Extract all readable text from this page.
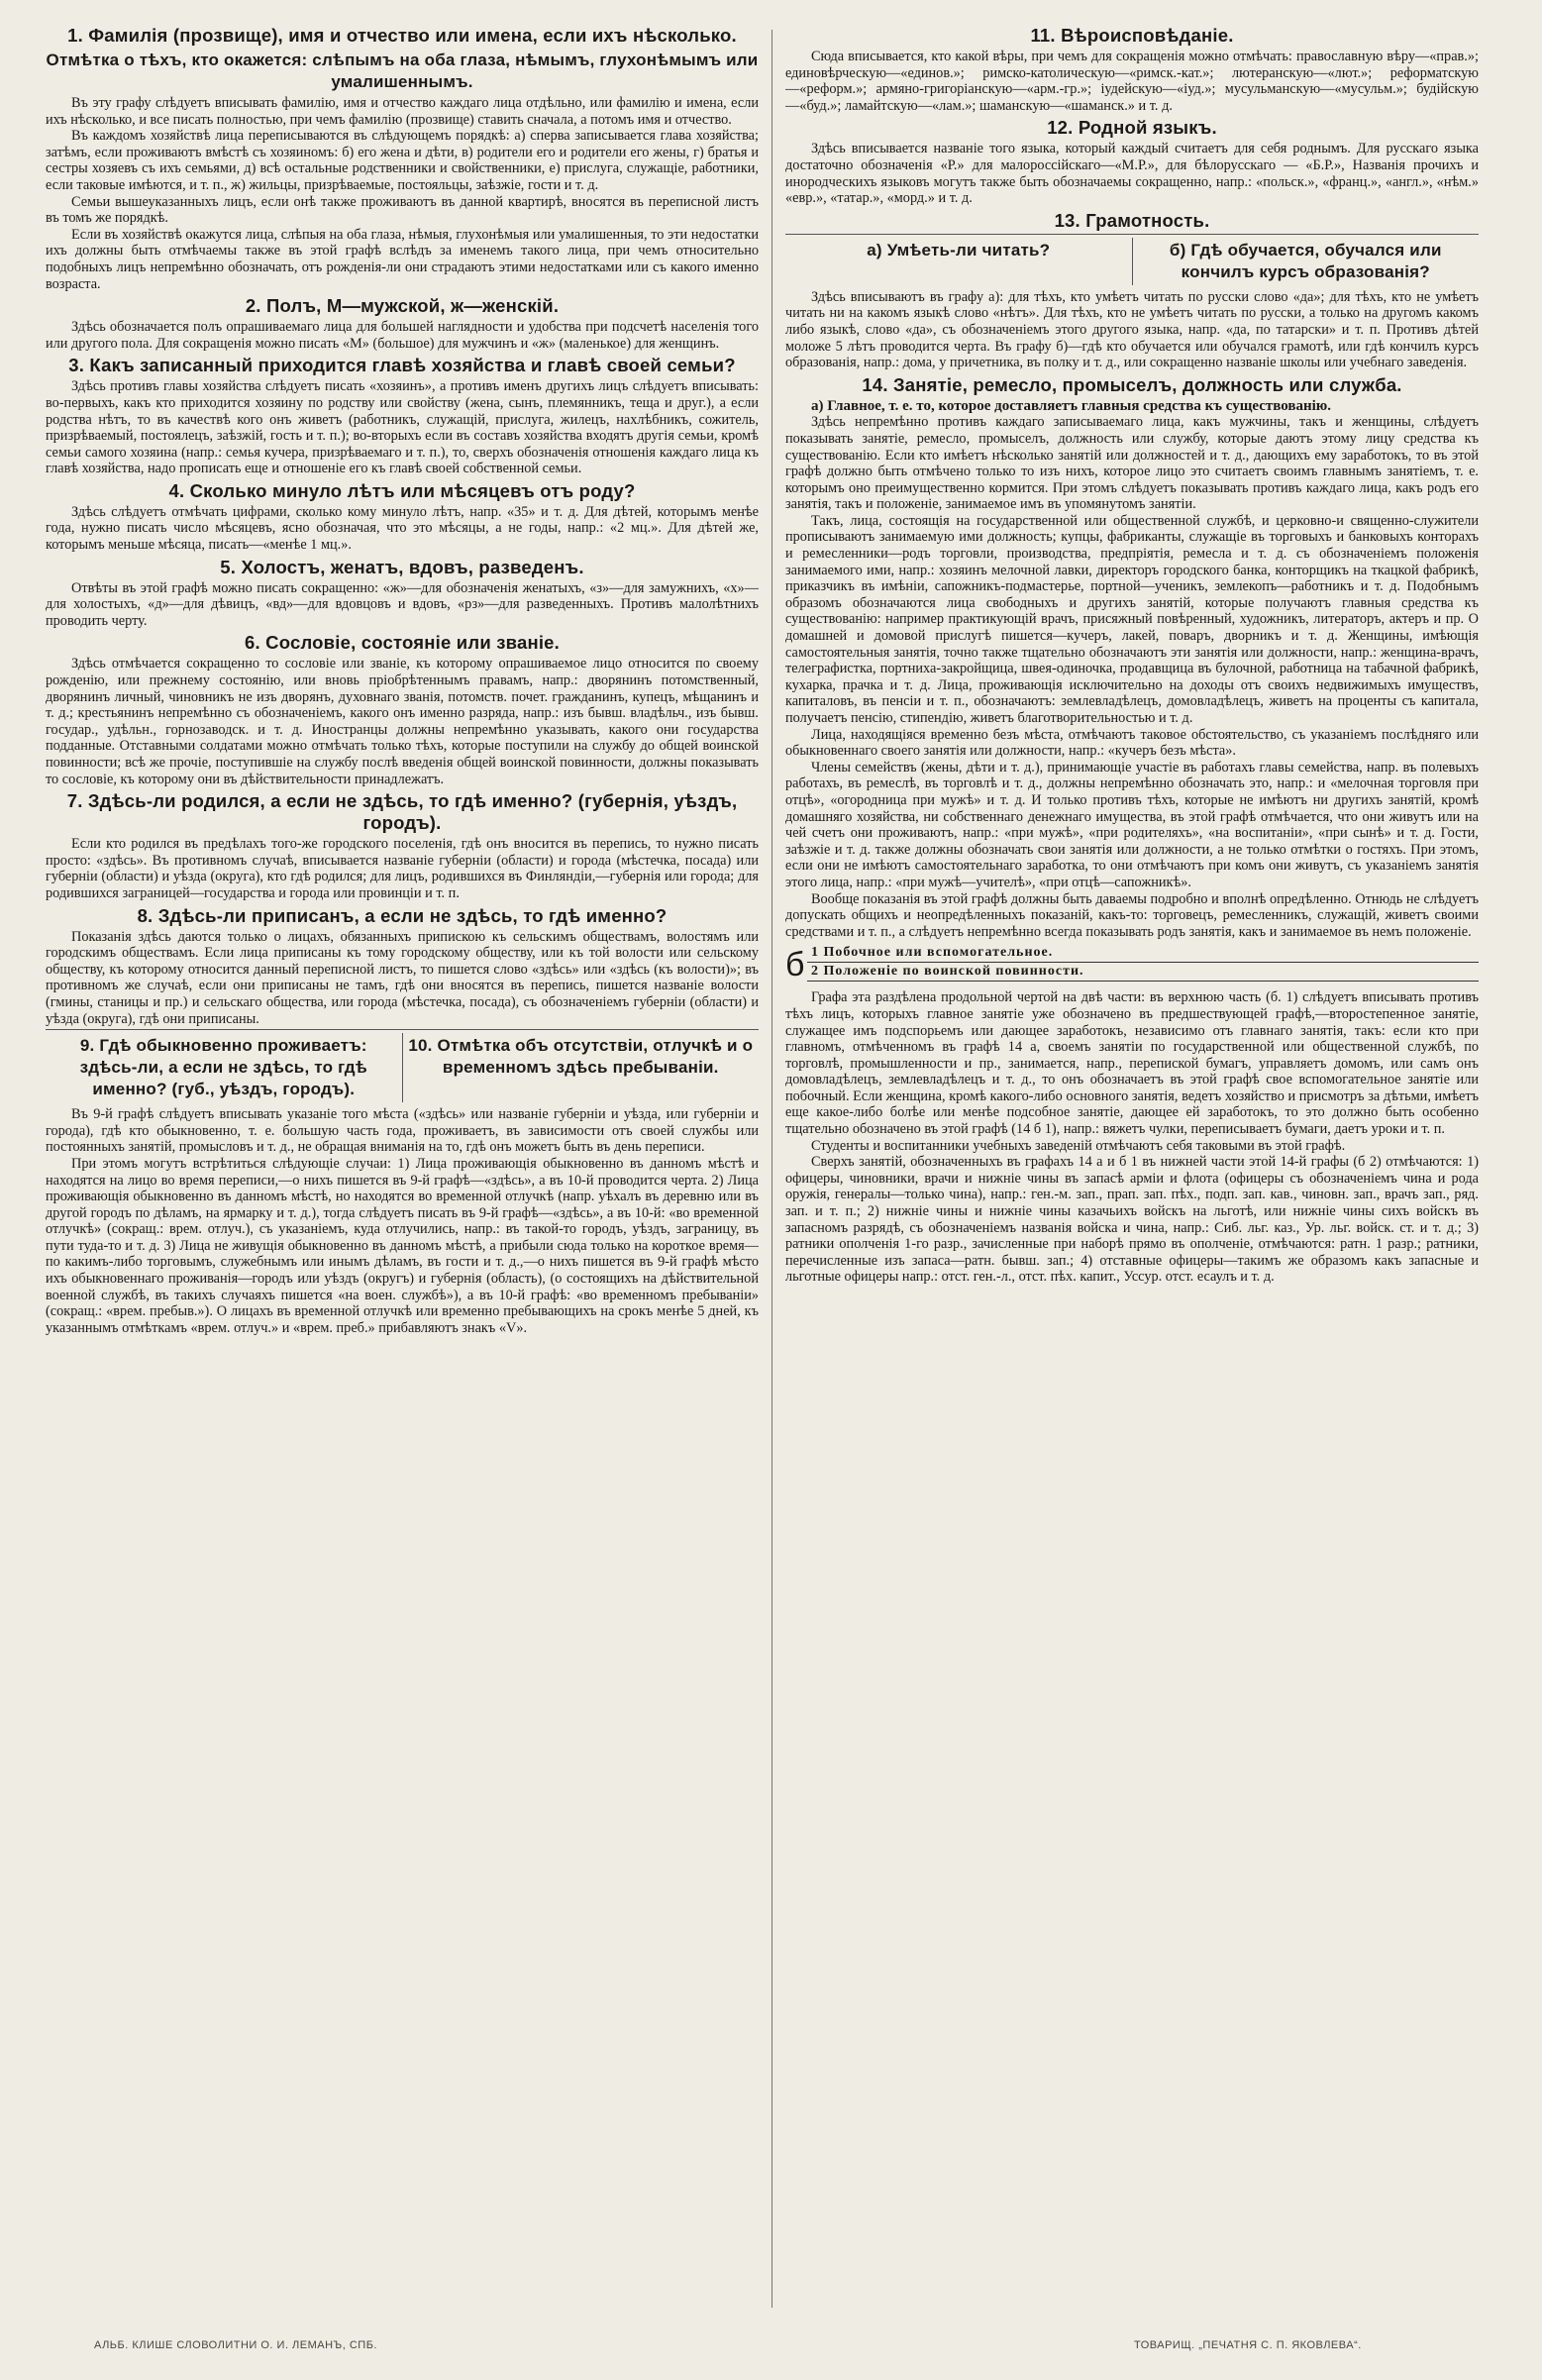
1. Фамилія (прозвище), имя и отчество или имена, если ихъ нѣсколько.
Отмѣтка о тѣхъ, кто окажется: слѣпымъ на оба глаза, нѣмымъ, глухонѣмымъ или умалишеннымъ.

Въ эту графу слѣдуетъ вписывать фамилію, имя и отчество каждаго лица отдѣльно, или фамилію и имена, если ихъ нѣсколько, и все писать полностью, при чемъ фамилію (прозвище) ставить сначала, а потомъ имя и отчество.

Въ каждомъ хозяйствѣ лица переписываются въ слѣдующемъ порядкѣ: а) сперва записывается глава хозяйства; затѣмъ, если проживаютъ вмѣстѣ съ хозяиномъ: б) его жена и дѣти, в) родители его и родители его жены, г) братья и сестры хозяевъ съ ихъ семьями, д) всѣ остальные родственники и свойственники, е) прислуга, служащіе, работники, если таковые имѣются, и т. п., ж) жильцы, призрѣваемые, постояльцы, заѣзжіе, гости и т. д.

Семьи вышеуказанныхъ лицъ, если онѣ также проживаютъ въ данной квартирѣ, вносятся въ переписной листъ въ томъ же порядкѣ.

Если въ хозяйствѣ окажутся лица, слѣпыя на оба глаза, нѣмыя, глухонѣмыя или умалишенныя, то эти недостатки ихъ должны быть отмѣчаемы также въ этой графѣ вслѣдъ за именемъ такого лица, при чемъ относительно подобныхъ лицъ непремѣнно обозначать, отъ рожденія-ли они страдаютъ этими недостатками или съ какого именно возраста.

2. Полъ, М—мужской, ж—женскій.

Здѣсь обозначается полъ опрашиваемаго лица для большей наглядности и удобства при подсчетѣ населенія того или другого пола. Для сокращенія можно писать «М» (большое) для мужчинъ и «ж» (маленькое) для женщинъ.

3. Какъ записанный приходится главѣ хозяйства и главѣ своей семьи?

Здѣсь противъ главы хозяйства слѣдуетъ писать «хозяинъ», а противъ именъ другихъ лицъ слѣдуетъ вписывать: во-первыхъ, какъ кто приходится хозяину по родству или свойству (жена, сынъ, племянникъ, теща и друг.), а если родства нѣтъ, то въ качествѣ кого онъ живетъ (работникъ, служащій, прислуга, жилецъ, нахлѣбникъ, сожитель, призрѣваемый, постоялецъ, заѣзжій, гость и т. п.); во-вторыхъ если въ составъ хозяйства входятъ другія семьи, кромѣ семьи самого хозяина (напр.: семья кучера, призрѣваемаго и т. п.), то, сверхъ обозначенія отношенія каждаго лица къ главѣ хозяйства, надо прописать еще и отношеніе его къ главѣ своей собственной семьи.

4. Сколько минуло лѣтъ или мѣсяцевъ отъ роду?

Здѣсь слѣдуетъ отмѣчать цифрами, сколько кому минуло лѣтъ, напр. «35» и т. д. Для дѣтей, которымъ менѣе года, нужно писать число мѣсяцевъ, ясно обозначая, что это мѣсяцы, а не годы, напр.: «2 мц.». Для дѣтей же, которымъ меньше мѣсяца, писать—«менѣе 1 мц.».

5. Холостъ, женатъ, вдовъ, разведенъ.

Отвѣты въ этой графѣ можно писать сокращенно: «ж»—для обозначенія женатыхъ, «з»—для замужнихъ, «х»—для холостыхъ, «д»—для дѣвицъ, «вд»—для вдовцовъ и вдовъ, «рз»—для разведенныхъ. Противъ малолѣтнихъ проводить черту.

6. Сословіе, состояніе или званіе.

Здѣсь отмѣчается сокращенно то сословіе или званіе, къ которому опрашиваемое лицо относится по своему рожденію, или прежнему состоянію, или вновь пріобрѣтеннымъ правамъ, напр.: дворянинъ потомственный, дворянинъ личный, чиновникъ не изъ дворянъ, духовнаго званія, потомств. почет. гражданинъ, купецъ, мѣщанинъ и т. д.; крестьянинъ непремѣнно съ обозначеніемъ, какого онъ именно разряда, напр.: изъ бывш. владѣльч., изъ бывш. государ., удѣльн., горнозаводск. и т. д. Иностранцы должны непремѣнно указывать, какого они государства подданные. Отставными солдатами можно отмѣчать только тѣхъ, которые поступили на службу до общей воинской повинности; всѣ же прочіе, поступившіе на службу послѣ введенія общей воинской повинности, должны показывать то сословіе, къ которому они въ дѣйствительности принадлежатъ.

7. Здѣсь-ли родился, а если не здѣсь, то гдѣ именно? (губернія, уѣздъ, городъ).

Если кто родился въ предѣлахъ того-же городского поселенія, гдѣ онъ вносится въ перепись, то нужно писать просто: «здѣсь». Въ противномъ случаѣ, вписывается названіе губерніи (области) и города (мѣстечка, посада) или губерніи (области) и уѣзда (округа), кто гдѣ родился; для лицъ, родившихся въ Финляндіи,—губернія или города; для родившихся заграницей—государства и города или провинціи и т. п.

8. Здѣсь-ли приписанъ, а если не здѣсь, то гдѣ именно?

Показанія здѣсь даются только о лицахъ, обязанныхъ припискою къ сельскимъ обществамъ, волостямъ или городскимъ обществамъ. Если лица приписаны къ тому городскому обществу, или къ той волости или сельскому обществу, къ которому относится данный переписной листъ, то пишется слово «здѣсь» или «здѣсь (къ волости)»; въ противномъ же случаѣ, если они приписаны не тамъ, гдѣ они вносятся въ перепись, пишется названіе волости (гмины, станицы и пр.) и сельскаго общества, или города (мѣстечка, посада), съ обозначеніемъ губерніи (области) и уѣзда (округа), гдѣ они приписаны.

9. Гдѣ обыкновенно проживаетъ: здѣсь-ли, а если не здѣсь, то гдѣ именно? (губ., уѣздъ, городъ).
10. Отмѣтка объ отсутствіи, отлучкѣ и о временномъ здѣсь пребываніи.

Въ 9-й графѣ слѣдуетъ вписывать указаніе того мѣста («здѣсь» или названіе губерніи и уѣзда, или губерніи и города), гдѣ кто обыкновенно, т. е. большую часть года, проживаетъ, въ зависимости отъ своей службы или постоянныхъ занятій, промысловъ и т. д., не обращая вниманія на то, гдѣ онъ можетъ быть въ день переписи.

При этомъ могутъ встрѣтиться слѣдующіе случаи: 1) Лица проживающія обыкновенно въ данномъ мѣстѣ и находятся на лицо во время переписи,—о нихъ пишется въ 9-й графѣ—«здѣсь», а въ 10-й проводится черта. 2) Лица проживающія обыкновенно въ данномъ мѣстѣ, но находятся во временной отлучкѣ (напр. уѣхалъ въ деревню или въ другой городъ по дѣламъ, на ярмарку и т. д.), тогда слѣдуетъ писать въ 9-й графѣ—«здѣсь», а въ 10-й: «во временной отлучкѣ» (сокращ.: врем. отлуч.), съ указаніемъ, куда отлучились, напр.: въ такой-то городъ, уѣздъ, заграницу, въ пути туда-то и т. д. 3) Лица не живущія обыкновенно въ данномъ мѣстѣ, а прибыли сюда только на короткое время—по какимъ-либо торговымъ, служебнымъ или инымъ дѣламъ, въ гости и т. д.,—о нихъ пишется въ 9-й графѣ мѣсто ихъ обыкновеннаго проживанія—городъ или уѣздъ (округъ) и губернія (область), (о состоящихъ на дѣйствительной военной службѣ, въ такихъ случаяхъ пишется «на воен. службѣ»), а въ 10-й графѣ: «во временномъ пребываніи» (сокращ.: «врем. пребыв.»). О лицахъ въ временной отлучкѣ или временно пребывающихъ на срокъ менѣе 5 дней, къ указаннымъ отмѣткамъ «врем. отлуч.» и «врем. преб.» прибавляютъ знакъ «V».

11. Вѣроисповѣданіе.

Сюда вписывается, кто какой вѣры, при чемъ для сокращенія можно отмѣчать: православную вѣру—«прав.»; единовѣрческую—«единов.»; римско-католическую—«римск.-кат.»; лютеранскую—«лют.»; реформатскую—«реформ.»; армяно-григоріанскую—«арм.-гр.»; іудейскую—«іуд.»; мусульманскую—«мусульм.»; будійскую—«буд.»; ламайтскую—«лам.»; шаманскую—«шаманск.» и т. д.

12. Родной языкъ.

Здѣсь вписывается названіе того языка, который каждый считаетъ для себя роднымъ. Для русскаго языка достаточно обозначенія «Р.» для малороссійскаго—«М.Р.», для бѣлорусскаго — «Б.Р.», Названія прочихъ и инородческихъ языковъ могутъ также быть обозначаемы сокращенно, напр.: «польск.», «франц.», «англ.», «нѣм.» «евр.», «татар.», «морд.» и т. д.

13. Грамотность.
а) Умѣеть-ли читать?	б) Гдѣ обучается, обучался или кончилъ курсъ образованія?

Здѣсь вписываютъ въ графу а): для тѣхъ, кто умѣетъ читать по русски слово «да»; для тѣхъ, кто не умѣетъ читать ни на какомъ языкѣ слово «нѣтъ». Для тѣхъ, кто не умѣетъ читать по русски, а только на другомъ какомъ либо языкѣ, слово «да», съ обозначеніемъ этого другого языка, напр. «да, по татарски» и т. п. Противъ дѣтей моложе 5 лѣтъ проводится черта. Въ графу б)—гдѣ кто обучается или обучался грамотѣ, или гдѣ кончилъ курсъ образованія, напр.: дома, у причетника, въ полку и т. д., или сокращенно названіе школы или учебнаго заведенія.

14. Занятіе, ремесло, промыселъ, должность или служба.

а) Главное, т. е. то, которое доставляетъ главныя средства къ существованію.

Здѣсь непремѣнно противъ каждаго записываемаго лица, какъ мужчины, такъ и женщины, слѣдуетъ показывать занятіе, ремесло, промыселъ, должность или службу, которые даютъ этому лицу средства къ существованію. Если кто имѣетъ нѣсколько занятій или должностей и т. д., дающихъ ему заработокъ, то въ этой графѣ должно быть отмѣчено только то изъ нихъ, которое лицо это считаетъ своимъ главнымъ занятіемъ, т. е. которымъ оно преимущественно кормится. При этомъ слѣдуетъ показывать противъ каждаго лица, какъ родъ его занятія, такъ и положеніе, занимаемое имъ въ упомянутомъ занятіи.

Такъ, лица, состоящія на государственной или общественной службѣ, и церковно-и священно-служители прописываютъ занимаемую ими должность; купцы, фабриканты, служащіе въ торговыхъ и банковыхъ конторахъ и ремесленники—родъ торговли, производства, предпріятія, ремесла и т. д. съ обозначеніемъ положенія занимаемого ими, напр.: хозяинъ мелочной лавки, директоръ городского банка, конторщикъ на ткацкой фабрикѣ, приказчикъ въ имѣніи, сапожникъ-подмастерье, портной—ученикъ, землекопъ—работникъ и т. д. Подобнымъ образомъ обозначаются лица свободныхъ и другихъ занятій, которые получаютъ главныя средства къ существованію: например практикующій врачъ, присяжный повѣренный, художникъ, литераторъ, актеръ и пр. О домашней и домовой прислугѣ пишется—кучеръ, лакей, поваръ, дворникъ и т. д. Женщины, имѣющія самостоятельныя занятія, точно также тщательно обозначаютъ эти занятія или должности, напр.: женщина-врачъ, телеграфистка, портниха-закройщица, швея-одиночка, продавщица въ булочной, работница на табачной фабрикѣ, кухарка, прачка и т. д. Лица, проживающія исключительно на доходы отъ своихъ недвижимыхъ имуществъ, капиталовъ, въ пенсіи и т. п., обозначаютъ: землевладѣлецъ, домовладѣлецъ, живетъ на проценты съ капитала, получаетъ пенсію, стипендію, живетъ благотворительностью и т. д.

Лица, находящіяся временно безъ мѣста, отмѣчаютъ таковое обстоятельство, съ указаніемъ послѣдняго или обыкновеннаго своего занятія или должности, напр.: «кучеръ безъ мѣста».

Члены семействъ (жены, дѣти и т. д.), принимающіе участіе въ работахъ главы семейства, напр. въ полевыхъ работахъ, въ ремеслѣ, въ торговлѣ и т. д., должны непремѣнно обозначать это, напр.: и «мелочная торговля при отцѣ», «огородница при мужѣ» и т. д. И только противъ тѣхъ, которые не имѣютъ ни другихъ занятій, кромѣ домашняго хозяйства, ни собственнаго денежнаго имущества, въ этой графѣ отмѣчается, что они живутъ или на чей счетъ они проживаютъ, напр.: «при мужѣ», «при родителяхъ», «на воспитаніи», «при сынѣ» и т. д. Гости, заѣзжіе и т. д. также должны обозначать свои занятія или должности, а не только отмѣтки о гостяхъ. При этомъ, если они не имѣютъ самостоятельнаго заработка, то они отмѣчаютъ при комъ они живутъ, съ указаніемъ занятія этого лица, напр.: «при мужѣ—учителѣ», «при отцѣ—сапожникѣ».

Вообще показанія въ этой графѣ должны быть даваемы подробно и вполнѣ опредѣленно. Отнюдь не слѣдуетъ допускать общихъ и неопредѣленныхъ показаній, какъ-то: торговецъ, ремесленникъ, служащій, живетъ своими средствами и т. п., а слѣдуетъ непремѣнно всегда показывать родъ занятія, какъ и занимаемое въ немъ положеніе.

б 1 Побочное или вспомогательное.
2 Положеніе по воинской повинности.

Графа эта раздѣлена продольной чертой на двѣ части: въ верхнюю часть (б. 1) слѣдуетъ вписывать противъ тѣхъ лицъ, которыхъ главное занятіе уже обозначено въ предшествующей графѣ,—второстепенное занятіе, служащее имъ подспорьемъ или дающее заработокъ, независимо отъ главнаго занятія, такъ: если кто при главномъ, отмѣченномъ въ графѣ 14 а, своемъ занятіи по государственной или общественной службѣ, по торговлѣ, промышленности и пр., занимается, напр., перепиской бумагъ, управляетъ домомъ, или самъ онъ домовладѣлецъ, землевладѣлецъ и т. д., то онъ обозначаетъ въ этой графѣ свое вспомогательное занятіе или побочный. Если женщина, кромѣ какого-либо основного занятія, ведетъ хозяйство и присмотръ за дѣтьми, имѣетъ еще какое-либо болѣе или менѣе подсобное занятіе, дающее ей заработокъ, то это должно быть особенно тщательно обозначено въ этой графѣ (14 б 1), напр.: вяжетъ чулки, переписываетъ бумаги, даетъ уроки и т. п.

Студенты и воспитанники учебныхъ заведеній отмѣчаютъ себя таковыми въ этой графѣ.

Сверхъ занятій, обозначенныхъ въ графахъ 14 а и б 1 въ нижней части этой 14-й графы (б 2) отмѣчаются: 1) офицеры, чиновники, врачи и нижніе чины въ запасѣ арміи и флота (офицеры съ обозначеніемъ чина и рода оружія, генералы—только чина), напр.: ген.-м. зап., прап. зап. пѣх., подп. зап. кав., чиновн. зап., врачъ зап., ряд. зап. и т. п.; 2) нижніе чины и нижніе чины казачьихъ войскъ на льготѣ, или нижніе чины сихъ войскъ въ запасномъ разрядѣ, съ обозначеніемъ названія войска и чина, напр.: Сиб. льг. каз., Ур. льг. войск. ст. и т. д.; 3) ратники ополченія 1-го разр., зачисленные при наборѣ прямо въ ополченіе, отмѣчаются: ратн. 1 разр.; ратники, перечисленные изъ запаса—ратн. бывш. зап.; 4) отставные офицеры—такимъ же образомъ какъ запасные и льготные офицеры напр.: отст. ген.-л., отст. пѣх. капит., Уссур. отст. есаулъ и т. д.

АЛЬБ. КЛИШЕ СЛОВОЛИТНИ О. И. ЛЕМАНЪ, СПБ.	ТОВАРИЩ. „ПЕЧАТНЯ С. П. ЯКОВЛЕВА“.
